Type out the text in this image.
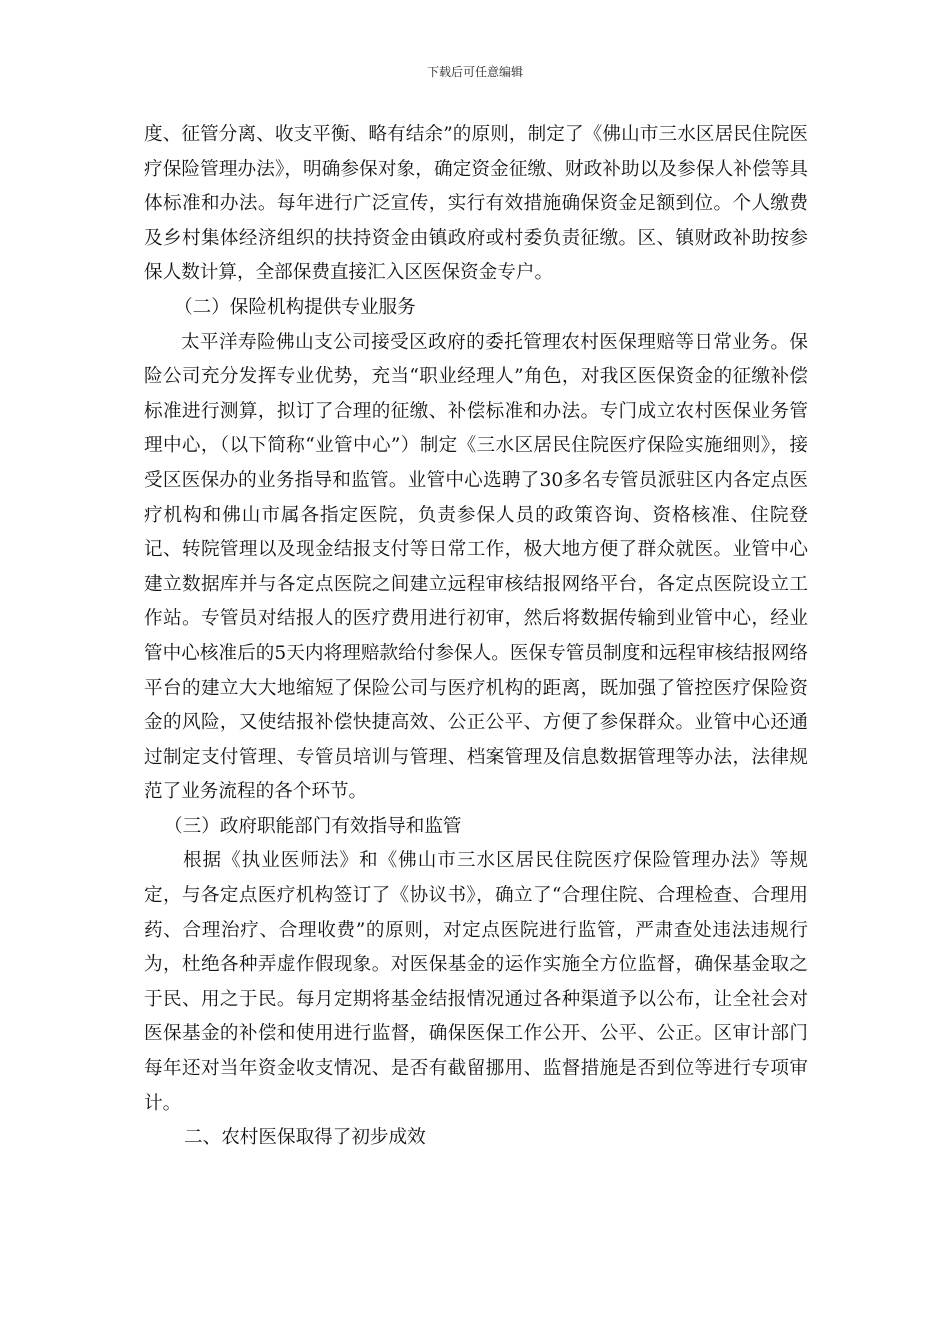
下载后可任意编辑

度、征管分离、收支平衡、略有结余”的原则，制定了《佛山市三水区居民住院医疗保险管理办法》，明确参保对象，确定资金征缴、财政补助以及参保人补偿等具体标准和办法。每年进行广泛宣传，实行有效措施确保资金足额到位。个人缴费及乡村集体经济组织的扶持资金由镇政府或村委负责征缴。区、镇财政补助按参保人数计算，全部保费直接汇入区医保资金专户。

（二）保险机构提供专业服务

太平洋寿险佛山支公司接受区政府的委托管理农村医保理赔等日常业务。保险公司充分发挥专业优势，充当“职业经理人”角色，对我区医保资金的征缴补偿标准进行测算，拟订了合理的征缴、补偿标准和办法。专门成立农村医保业务管理中心，（以下简称“业管中心”）制定《三水区居民住院医疗保险实施细则》，接受区医保办的业务指导和监管。业管中心选聘了30多名专管员派驻区内各定点医疗机构和佛山市属各指定医院，负责参保人员的政策咨询、资格核准、住院登记、转院管理以及现金结报支付等日常工作，极大地方便了群众就医。业管中心建立数据库并与各定点医院之间建立远程审核结报网络平台，各定点医院设立工作站。专管员对结报人的医疗费用进行初审，然后将数据传输到业管中心，经业管中心核准后的5天内将理赔款给付参保人。医保专管员制度和远程审核结报网络平台的建立大大地缩短了保险公司与医疗机构的距离，既加强了管控医疗保险资金的风险，又使结报补偿快捷高效、公正公平、方便了参保群众。业管中心还通过制定支付管理、专管员培训与管理、档案管理及信息数据管理等办法，法律规范了业务流程的各个环节。

（三）政府职能部门有效指导和监管

根据《执业医师法》和《佛山市三水区居民住院医疗保险管理办法》等规定，与各定点医疗机构签订了《协议书》，确立了“合理住院、合理检查、合理用药、合理治疗、合理收费”的原则，对定点医院进行监管，严肃查处违法违规行为，杜绝各种弄虚作假现象。对医保基金的运作实施全方位监督，确保基金取之于民、用之于民。每月定期将基金结报情况通过各种渠道予以公布，让全社会对医保基金的补偿和使用进行监督，确保医保工作公开、公平、公正。区审计部门每年还对当年资金收支情况、是否有截留挪用、监督措施是否到位等进行专项审计。

二、农村医保取得了初步成效
